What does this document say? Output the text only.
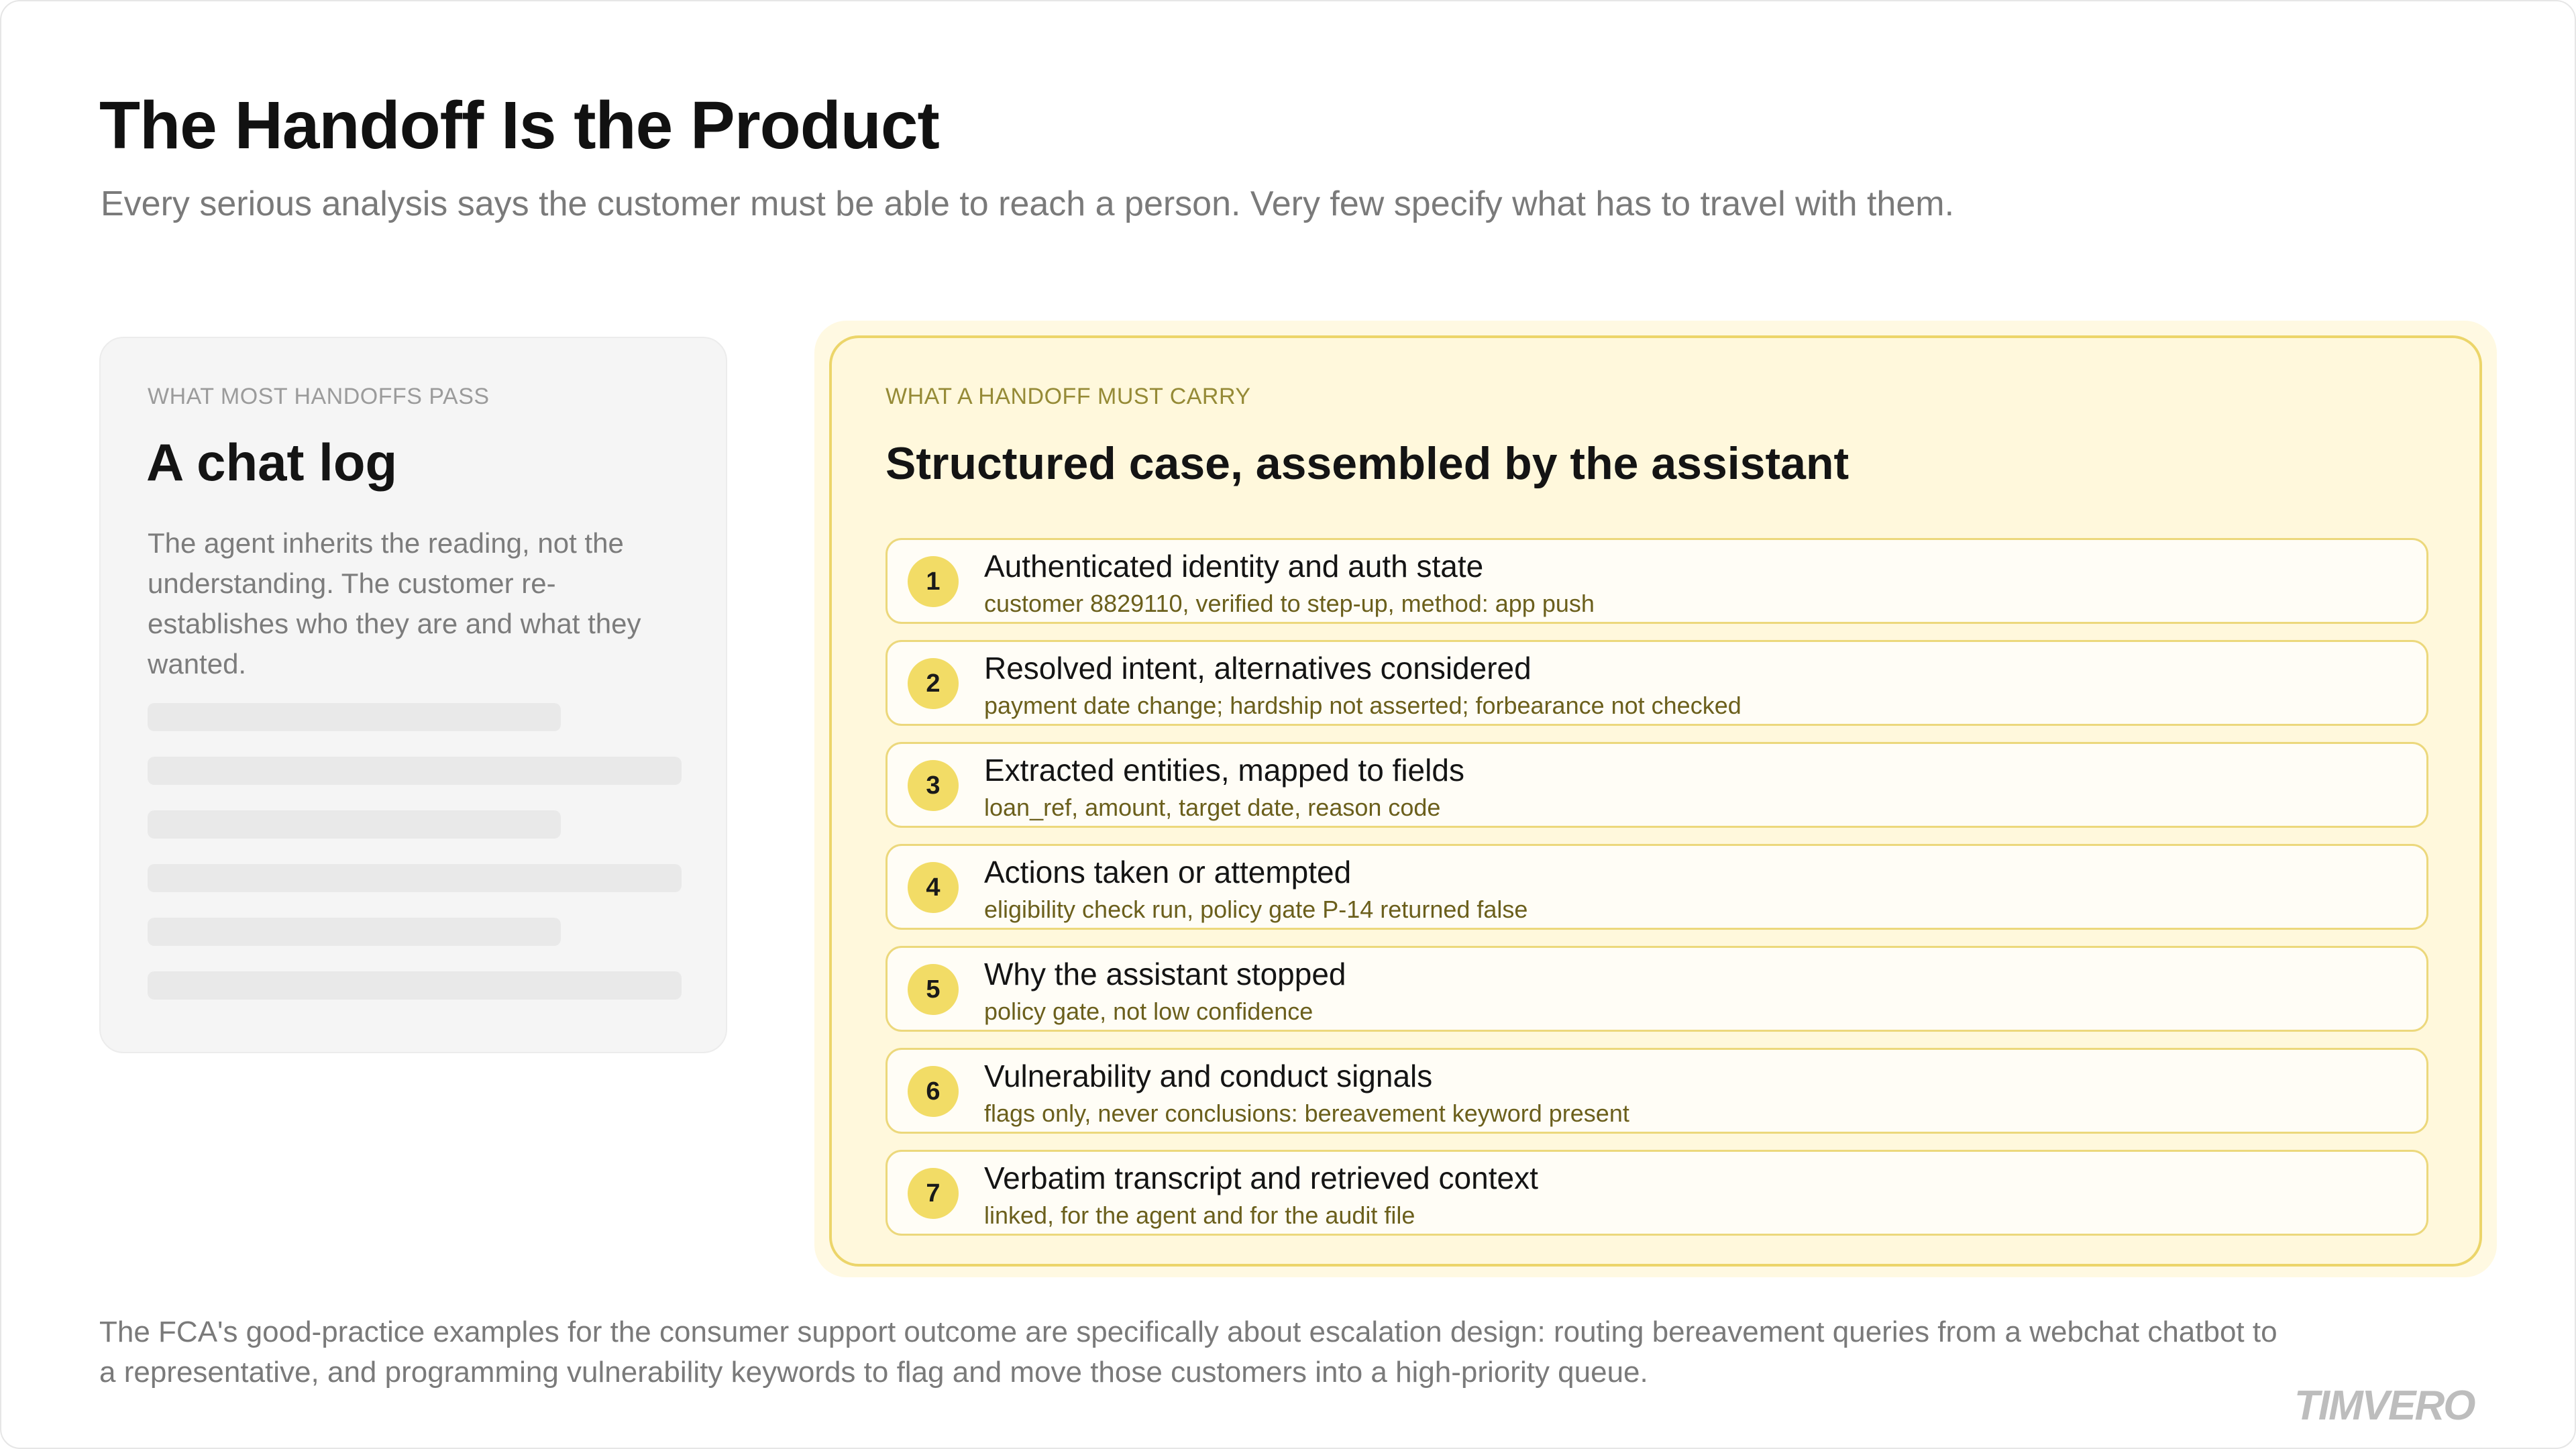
The Handoff Is the Product

Every serious analysis says the customer must be able to reach a person. Very few specify what has to travel with them.

WHAT MOST HANDOFFS PASS
A chat log

The agent inherits the reading, not the understanding. The customer re-establishes who they are and what they wanted.

WHAT A HANDOFF MUST CARRY
Structured case, assembled by the assistant
1	Authenticated identity and auth state
customer 8829110, verified to step-up, method: app push
2	Resolved intent, alternatives considered
payment date change; hardship not asserted; forbearance not checked
3	Extracted entities, mapped to fields
loan_ref, amount, target date, reason code
4	Actions taken or attempted
eligibility check run, policy gate P-14 returned false
5	Why the assistant stopped
policy gate, not low confidence
6	Vulnerability and conduct signals
flags only, never conclusions: bereavement keyword present
7	Verbatim transcript and retrieved context
linked, for the agent and for the audit file

The FCA's good-practice examples for the consumer support outcome are specifically about escalation design: routing bereavement queries from a webchat chatbot to a representative, and programming vulnerability keywords to flag and move those customers into a high-priority queue.

TIMVERO
